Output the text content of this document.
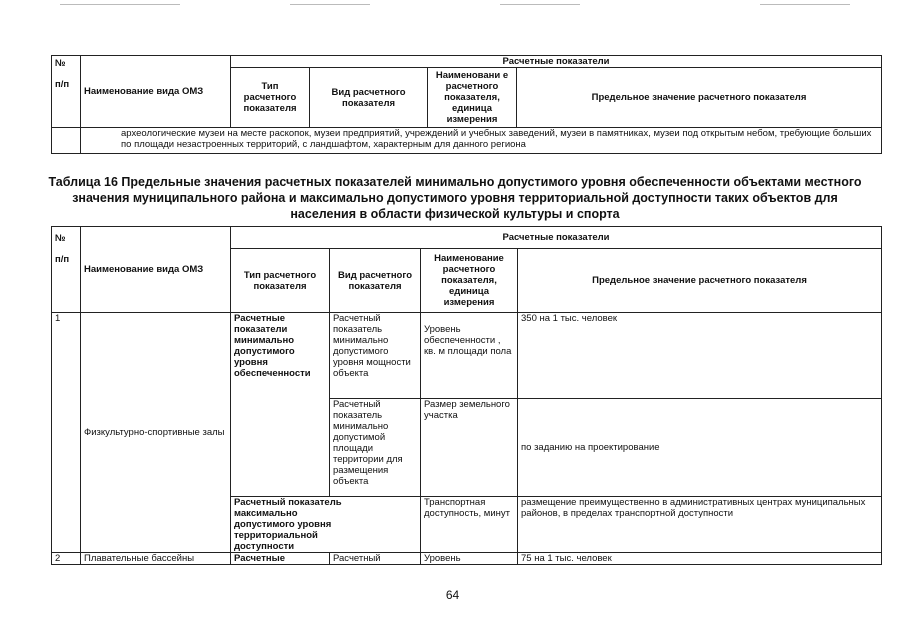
№
п/п	Наименование вида ОМЗ	Расчетные показатели			
		Тип расчетного показателя	Вид расчетного показателя	Наименовани е расчетного показателя, единица измерения	Предельное значение расчетного показателя
	археологические музеи на месте раскопок, музеи предприятий, учреждений и учебных заведений, музеи в памятниках, музеи под открытым небом, требующие больших по площади незастроенных территорий, с ландшафтом, характерным для данного региона				
Таблица 16 Предельные значения расчетных показателей минимально допустимого уровня обеспеченности объектами местного значения муниципального района и максимально допустимого уровня территориальной доступности таких объектов для населения в области физической культуры и спорта
№
п/п	Наименование вида ОМЗ	Расчетные показатели			
		Тип расчетного показателя	Вид расчетного показателя	Наименование расчетного показателя, единица измерения	Предельное значение расчетного показателя
1	Физкультурно-спортивные залы	Расчетные показатели минимально допустимого уровня обеспеченности	Расчетный показатель минимально допустимого уровня мощности объекта	Уровень обеспеченности , кв. м площади пола	350 на 1 тыс. человек
			Расчетный показатель минимально допустимой площади территории для размещения объекта	Размер земельного участка	по заданию на проектирование
		Расчетный показатель максимально допустимого уровня территориальной доступности		Транспортная доступность, минут	размещение преимущественно в административных центрах муниципальных районов, в пределах транспортной доступности
2	Плавательные бассейны	Расчетные	Расчетный	Уровень	75 на 1 тыс. человек
64
